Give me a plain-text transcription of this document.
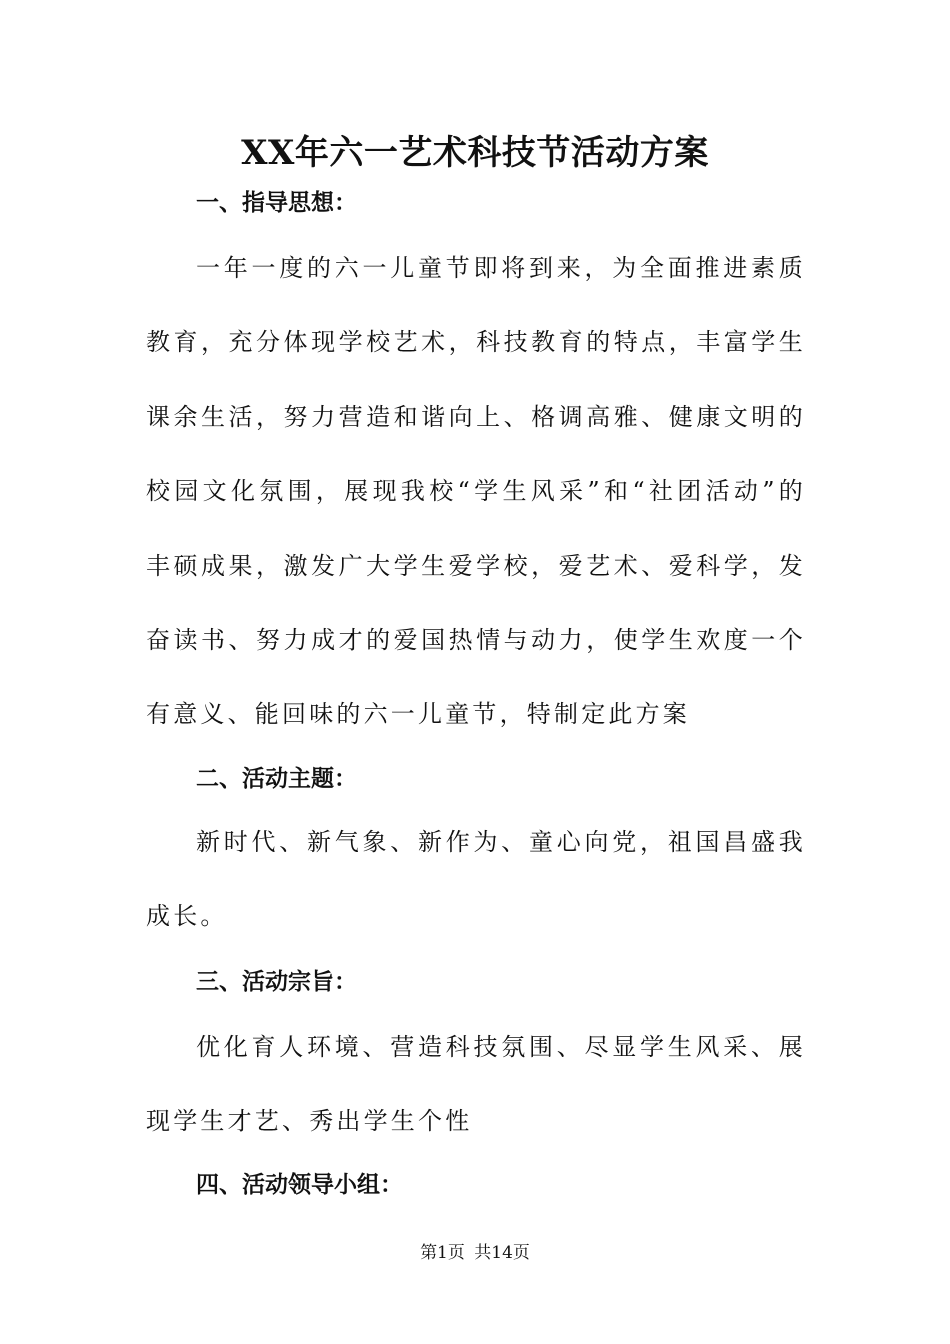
XX年六一艺术科技节活动方案
一、指导思想：

一年一度的六一儿童节即将到来，为全面推进素质教育，充分体现学校艺术，科技教育的特点，丰富学生课余生活，努力营造和谐向上、格调高雅、健康文明的校园文化氛围，展现我校“学生风采”和“社团活动”的丰硕成果，激发广大学生爱学校，爱艺术、爱科学，发奋读书、努力成才的爱国热情与动力，使学生欢度一个有意义、能回味的六一儿童节，特制定此方案

二、活动主题：

新时代、新气象、新作为、童心向党，祖国昌盛我成长。

三、活动宗旨：

优化育人环境、营造科技氛围、尽显学生风采、展现学生才艺、秀出学生个性

四、活动领导小组：
第1页 共14页
